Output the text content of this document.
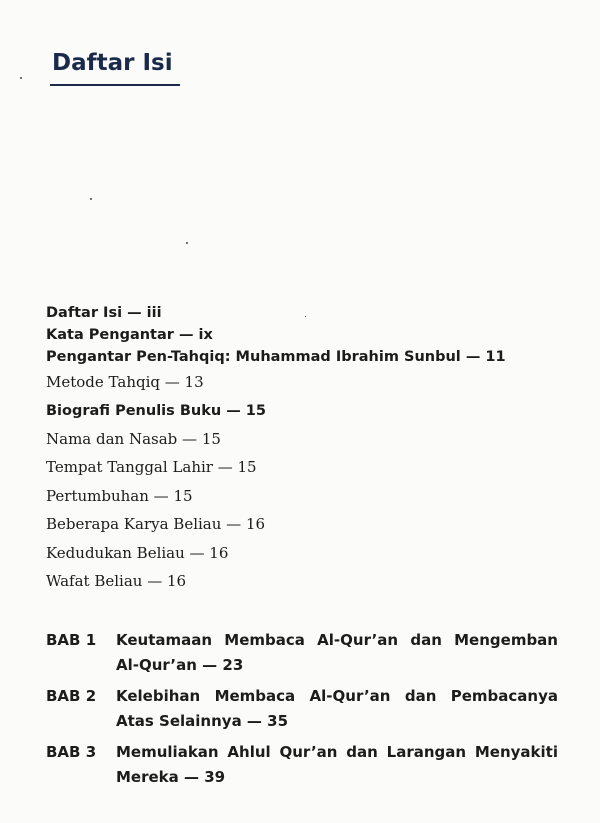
Daftar Isi
Daftar Isi — iii
Kata Pengantar — ix
Pengantar Pen-Tahqiq: Muhammad Ibrahim Sunbul — 11
Metode Tahqiq — 13
Biografi Penulis Buku — 15
Nama dan Nasab — 15
Tempat Tanggal Lahir — 15
Pertumbuhan — 15
Beberapa Karya Beliau — 16
Kedudukan Beliau — 16
Wafat Beliau — 16
BAB 1	Keutamaan Membaca Al-Qur’an dan Mengemban Al-Qur’an — 23
BAB 2	Kelebihan Membaca Al-Qur’an dan Pembacanya Atas Selainnya — 35
BAB 3	Memuliakan Ahlul Qur’an dan Larangan Menyakiti Mereka — 39
